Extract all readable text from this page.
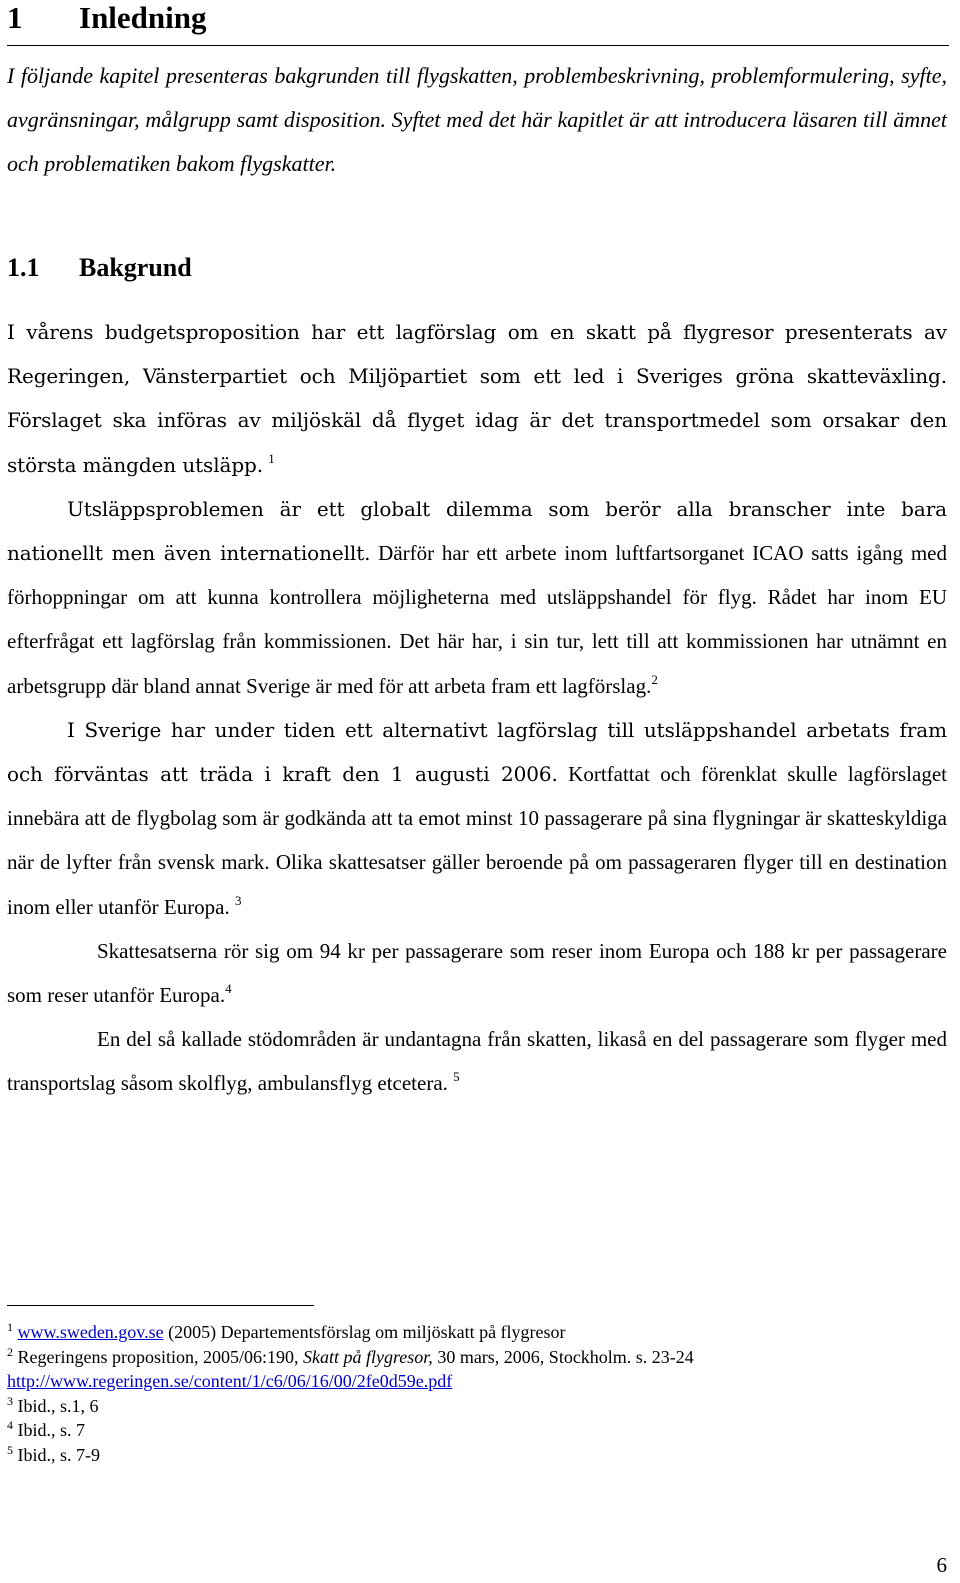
1 Inledning
I följande kapitel presenteras bakgrunden till flygskatten, problembeskrivning, problemformulering, syfte, avgränsningar, målgrupp samt disposition. Syftet med det här kapitlet är att introducera läsaren till ämnet och problematiken bakom flygskatter.
1.1 Bakgrund

I vårens budgetsproposition har ett lagförslag om en skatt på flygresor presenterats av Regeringen, Vänsterpartiet och Miljöpartiet som ett led i Sveriges gröna skatteväxling. Förslaget ska införas av miljöskäl då flyget idag är det transportmedel som orsakar den största mängden utsläpp. $^1$

Utsläppsproblemen är ett globalt dilemma som berör alla branscher inte bara nationellt men även internationellt. Därför har ett arbete inom luftfartsorganet ICAO satts igång med förhoppningar om att kunna kontrollera möjligheterna med utsläppshandel för flyg. Rådet har inom EU efterfrågat ett lagförslag från kommissionen. Det här har, i sin tur, lett till att kommissionen har utnämnt en arbetsgrupp där bland annat Sverige är med för att arbeta fram ett lagförslag.$^2$

I Sverige har under tiden ett alternativt lagförslag till utsläppshandel arbetats fram och förväntas att träda i kraft den 1 augusti 2006. Kortfattat och förenklat skulle lagförslaget innebära att de flygbolag som är godkända att ta emot minst 10 passagerare på sina flygningar är skatteskyldiga när de lyfter från svensk mark. Olika skattesatser gäller beroende på om passageraren flyger till en destination inom eller utanför Europa. $^3$

Skattesatserna rör sig om 94 kr per passagerare som reser inom Europa och 188 kr per passagerare som reser utanför Europa.$^4$

En del så kallade stödområden är undantagna från skatten, likaså en del passagerare som flyger med transportslag såsom skolflyg, ambulansflyg etcetera. $^5$

$^1$ www.sweden.gov.se (2005) Departementsförslag om miljöskatt på flygresor

$^2$ Regeringens proposition, 2005/06:190, Skatt på flygresor, 30 mars, 2006, Stockholm. s. 23-24

http://www.regeringen.se/content/1/c6/06/16/00/2fe0d59e.pdf

$^3$ Ibid., s.1, 6

$^4$ Ibid., s. 7

$^5$ Ibid., s. 7-9

6
